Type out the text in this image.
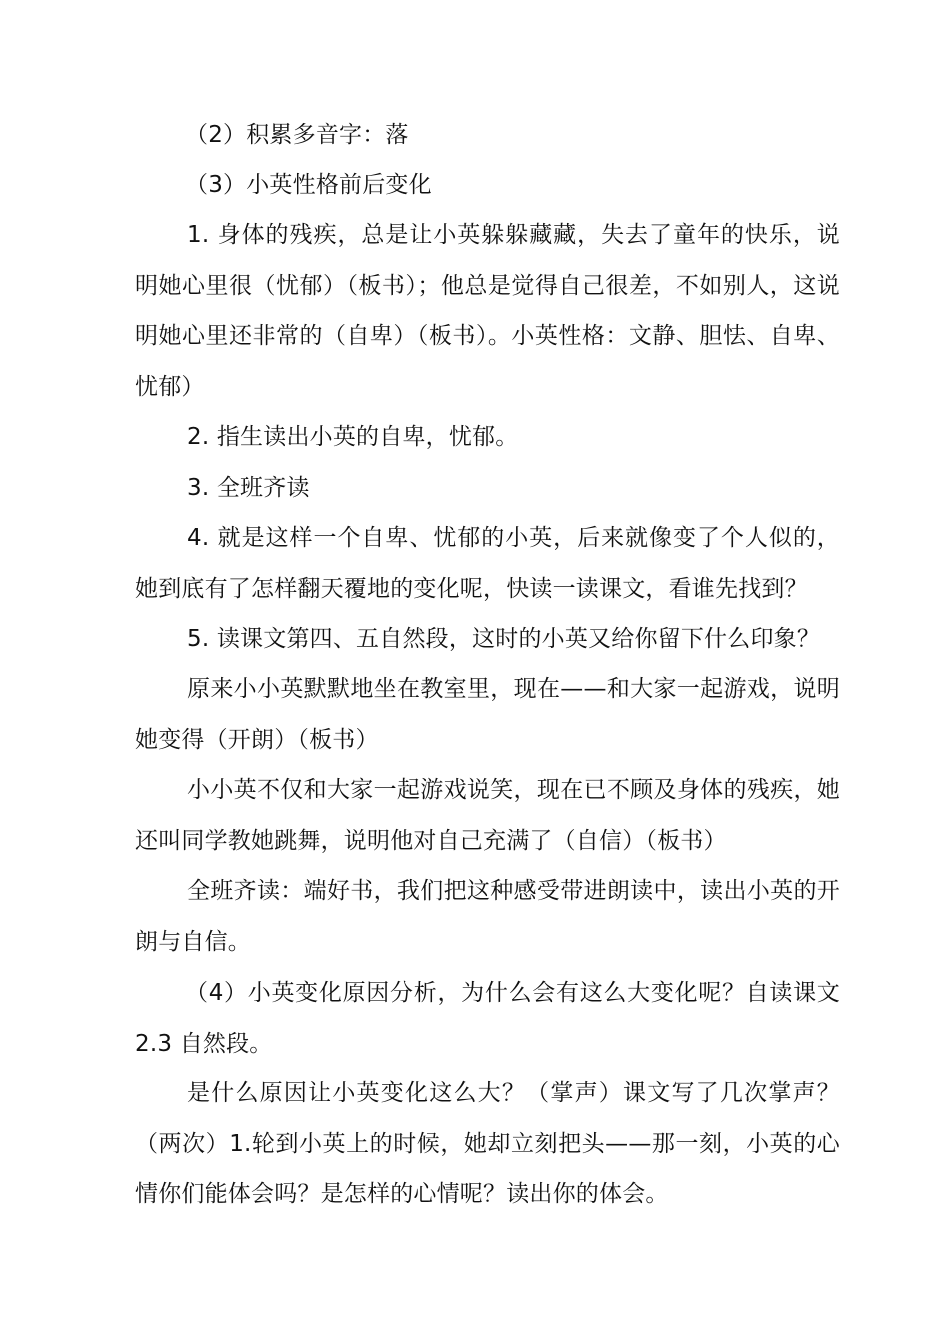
（2）积累多音字：落

（3）小英性格前后变化

1. 身体的残疾，总是让小英躲躲藏藏，失去了童年的快乐，说明她心里很（忧郁）（板书）；他总是觉得自己很差，不如别人，这说明她心里还非常的（自卑）（板书）。小英性格：文静、胆怯、自卑、忧郁）

2. 指生读出小英的自卑，忧郁。

3. 全班齐读

4. 就是这样一个自卑、忧郁的小英，后来就像变了个人似的，她到底有了怎样翻天覆地的变化呢，快读一读课文，看谁先找到？

5. 读课文第四、五自然段，这时的小英又给你留下什么印象？

原来小小英默默地坐在教室里，现在——和大家一起游戏，说明她变得（开朗）（板书）

小小英不仅和大家一起游戏说笑，现在已不顾及身体的残疾，她还叫同学教她跳舞，说明他对自己充满了（自信）（板书）

全班齐读：端好书，我们把这种感受带进朗读中，读出小英的开朗与自信。

（4）小英变化原因分析，为什么会有这么大变化呢？自读课文 2.3 自然段。

是什么原因让小英变化这么大？（掌声）课文写了几次掌声？（两次）1.轮到小英上的时候，她却立刻把头——那一刻，小英的心情你们能体会吗？是怎样的心情呢？读出你的体会。
